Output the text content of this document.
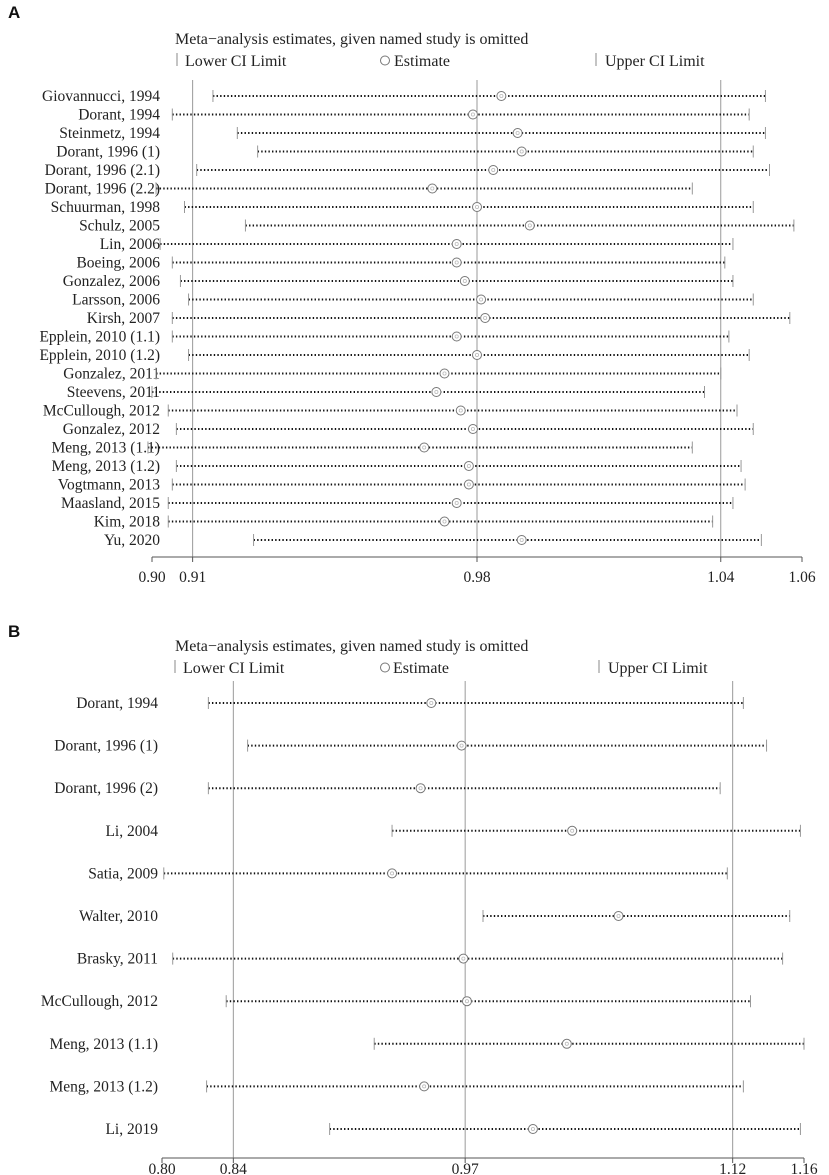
A
Meta−analysis estimates, given named study is omitted
Lower CI Limit	Estimate	Upper CI Limit
0.90 0.91	0.98	1.04	1.06
Giovannucci, 1994
Dorant, 1994
Steinmetz, 1994
Dorant, 1996 (1)
Dorant, 1996 (2.1)
Dorant, 1996 (2.2)
Schuurman, 1998
Schulz, 2005
Lin, 2006
Boeing, 2006
Gonzalez, 2006
Larsson, 2006
Kirsh, 2007
Epplein, 2010 (1.1)
Epplein, 2010 (1.2)
Gonzalez, 2011
Steevens, 2011
McCullough, 2012
Gonzalez, 2012
Meng, 2013 (1.1)
Meng, 2013 (1.2)
Vogtmann, 2013
Maasland, 2015
Kim, 2018
Yu, 2020
B
Meta−analysis estimates, given named study is omitted
Lower CI Limit	Estimate	Upper CI Limit
0.80	0.84	0.97	1.12	1.16
Dorant, 1994
Dorant, 1996 (1)
Dorant, 1996 (2)
Li, 2004
Satia, 2009
Walter, 2010
Brasky, 2011
McCullough, 2012
Meng, 2013 (1.1)
Meng, 2013 (1.2)
Li, 2019
